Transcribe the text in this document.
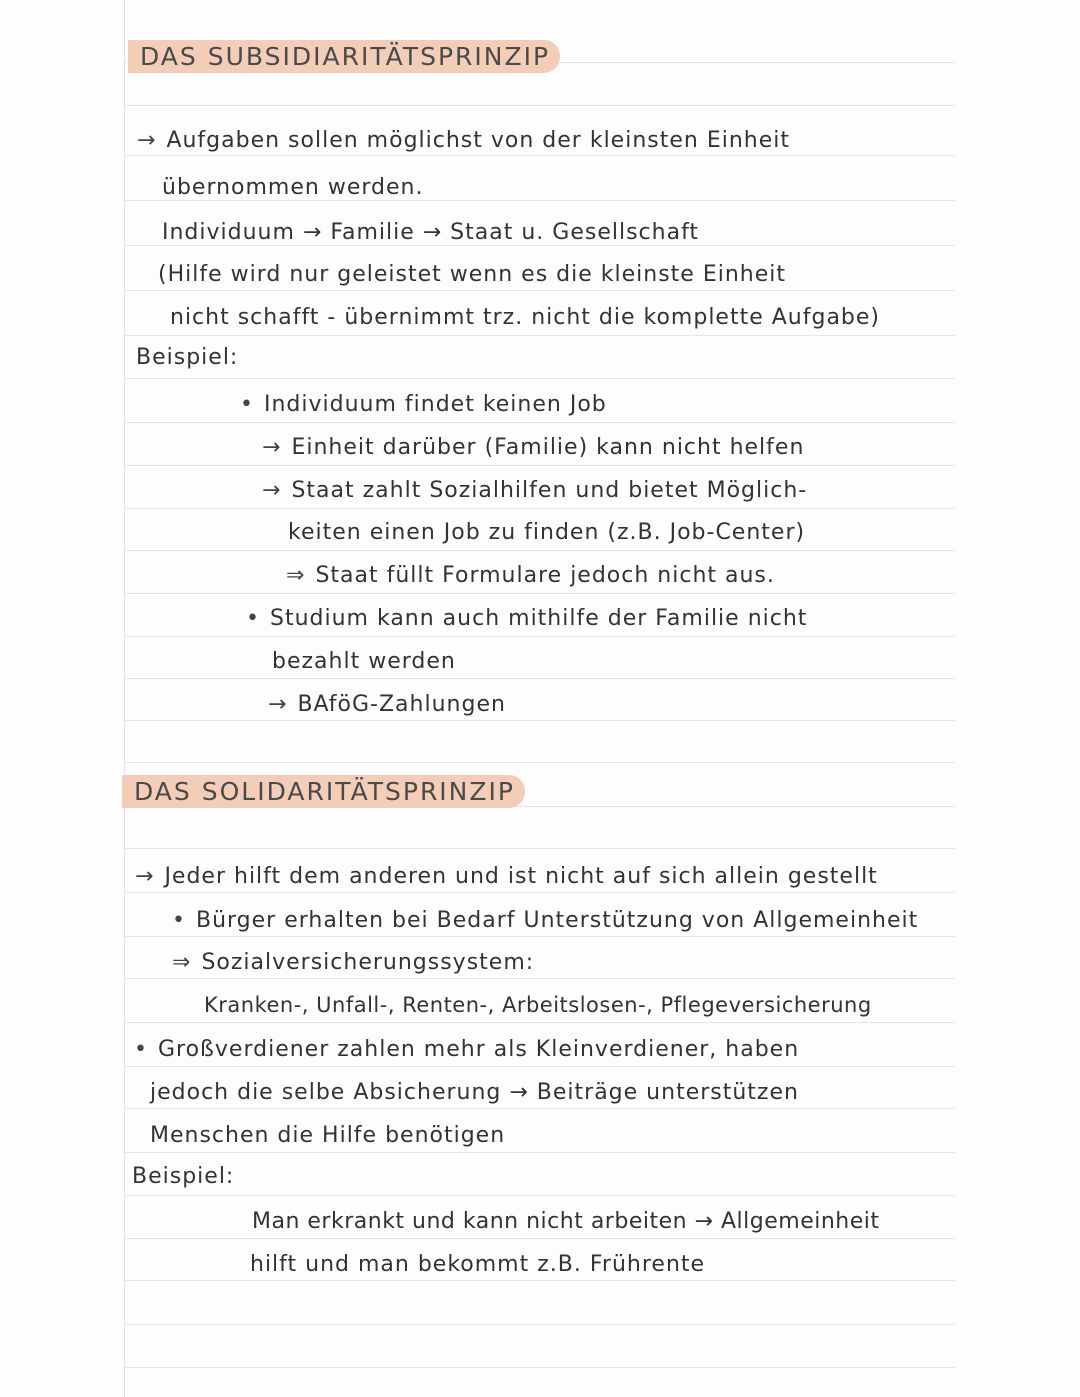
DAS SUBSIDIARITÄTSPRINZIP
→ Aufgaben sollen möglichst von der kleinsten Einheit
übernommen werden.
Individuum → Familie → Staat u. Gesellschaft
(Hilfe wird nur geleistet wenn es die kleinste Einheit
nicht schafft - übernimmt trz. nicht die komplette Aufgabe)
Beispiel:
• Individuum findet keinen Job
→ Einheit darüber (Familie) kann nicht helfen
→ Staat zahlt Sozialhilfen und bietet Möglich-
keiten einen Job zu finden (z.B. Job-Center)
⇒ Staat füllt Formulare jedoch nicht aus.
• Studium kann auch mithilfe der Familie nicht
bezahlt werden
→ BAföG-Zahlungen
DAS SOLIDARITÄTSPRINZIP
→ Jeder hilft dem anderen und ist nicht auf sich allein gestellt
• Bürger erhalten bei Bedarf Unterstützung von Allgemeinheit
⇒ Sozialversicherungssystem:
Kranken-, Unfall-, Renten-, Arbeitslosen-, Pflegeversicherung
• Großverdiener zahlen mehr als Kleinverdiener, haben
jedoch die selbe Absicherung → Beiträge unterstützen
Menschen die Hilfe benötigen
Beispiel:
Man erkrankt und kann nicht arbeiten → Allgemeinheit
hilft und man bekommt z.B. Frührente
